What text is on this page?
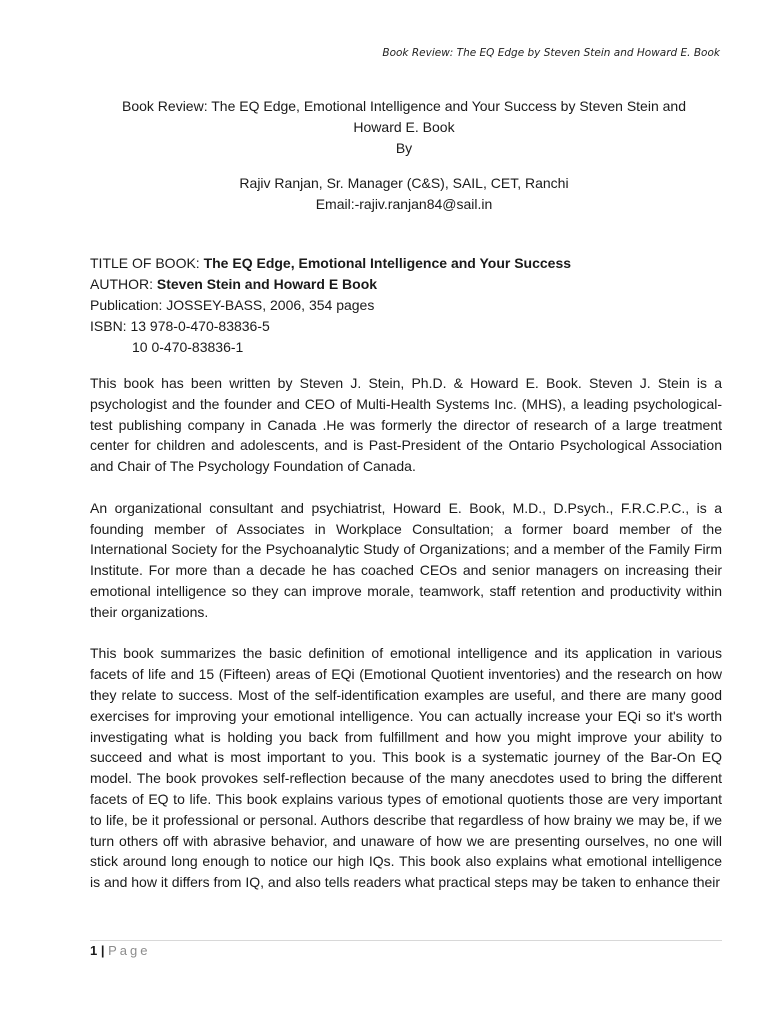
Book Review: The EQ Edge by Steven Stein and Howard E. Book
Book Review: The EQ Edge, Emotional Intelligence and Your Success by Steven Stein and
Howard E. Book
By
Rajiv Ranjan, Sr. Manager (C&S), SAIL, CET, Ranchi
Email:-rajiv.ranjan84@sail.in
TITLE OF BOOK: The EQ Edge, Emotional Intelligence and Your Success
AUTHOR: Steven Stein and Howard E Book
Publication: JOSSEY-BASS, 2006, 354 pages
ISBN: 13 978-0-470-83836-5
10 0-470-83836-1

This book has been written by Steven J. Stein, Ph.D. & Howard E. Book. Steven J. Stein is a psychologist and the founder and CEO of Multi-Health Systems Inc. (MHS), a leading psychological-test publishing company in Canada .He was formerly the director of research of a large treatment center for children and adolescents, and is Past-President of the Ontario Psychological Association and Chair of The Psychology Foundation of Canada.

An organizational consultant and psychiatrist, Howard E. Book, M.D., D.Psych., F.R.C.P.C., is a founding member of Associates in Workplace Consultation; a former board member of the International Society for the Psychoanalytic Study of Organizations; and a member of the Family Firm Institute. For more than a decade he has coached CEOs and senior managers on increasing their emotional intelligence so they can improve morale, teamwork, staff retention and productivity within their organizations.

This book summarizes the basic definition of emotional intelligence and its application in various facets of life and 15 (Fifteen) areas of EQi (Emotional Quotient inventories) and the research on how they relate to success. Most of the self-identification examples are useful, and there are many good exercises for improving your emotional intelligence. You can actually increase your EQi so it's worth investigating what is holding you back from fulfillment and how you might improve your ability to succeed and what is most important to you. This book is a systematic journey of the Bar-On EQ model. The book provokes self-reflection because of the many anecdotes used to bring the different facets of EQ to life. This book explains various types of emotional quotients those are very important to life, be it professional or personal. Authors describe that regardless of how brainy we may be, if we turn others off with abrasive behavior, and unaware of how we are presenting ourselves, no one will stick around long enough to notice our high IQs. This book also explains what emotional intelligence is and how it differs from IQ, and also tells readers what practical steps may be taken to enhance their

1 | Page
